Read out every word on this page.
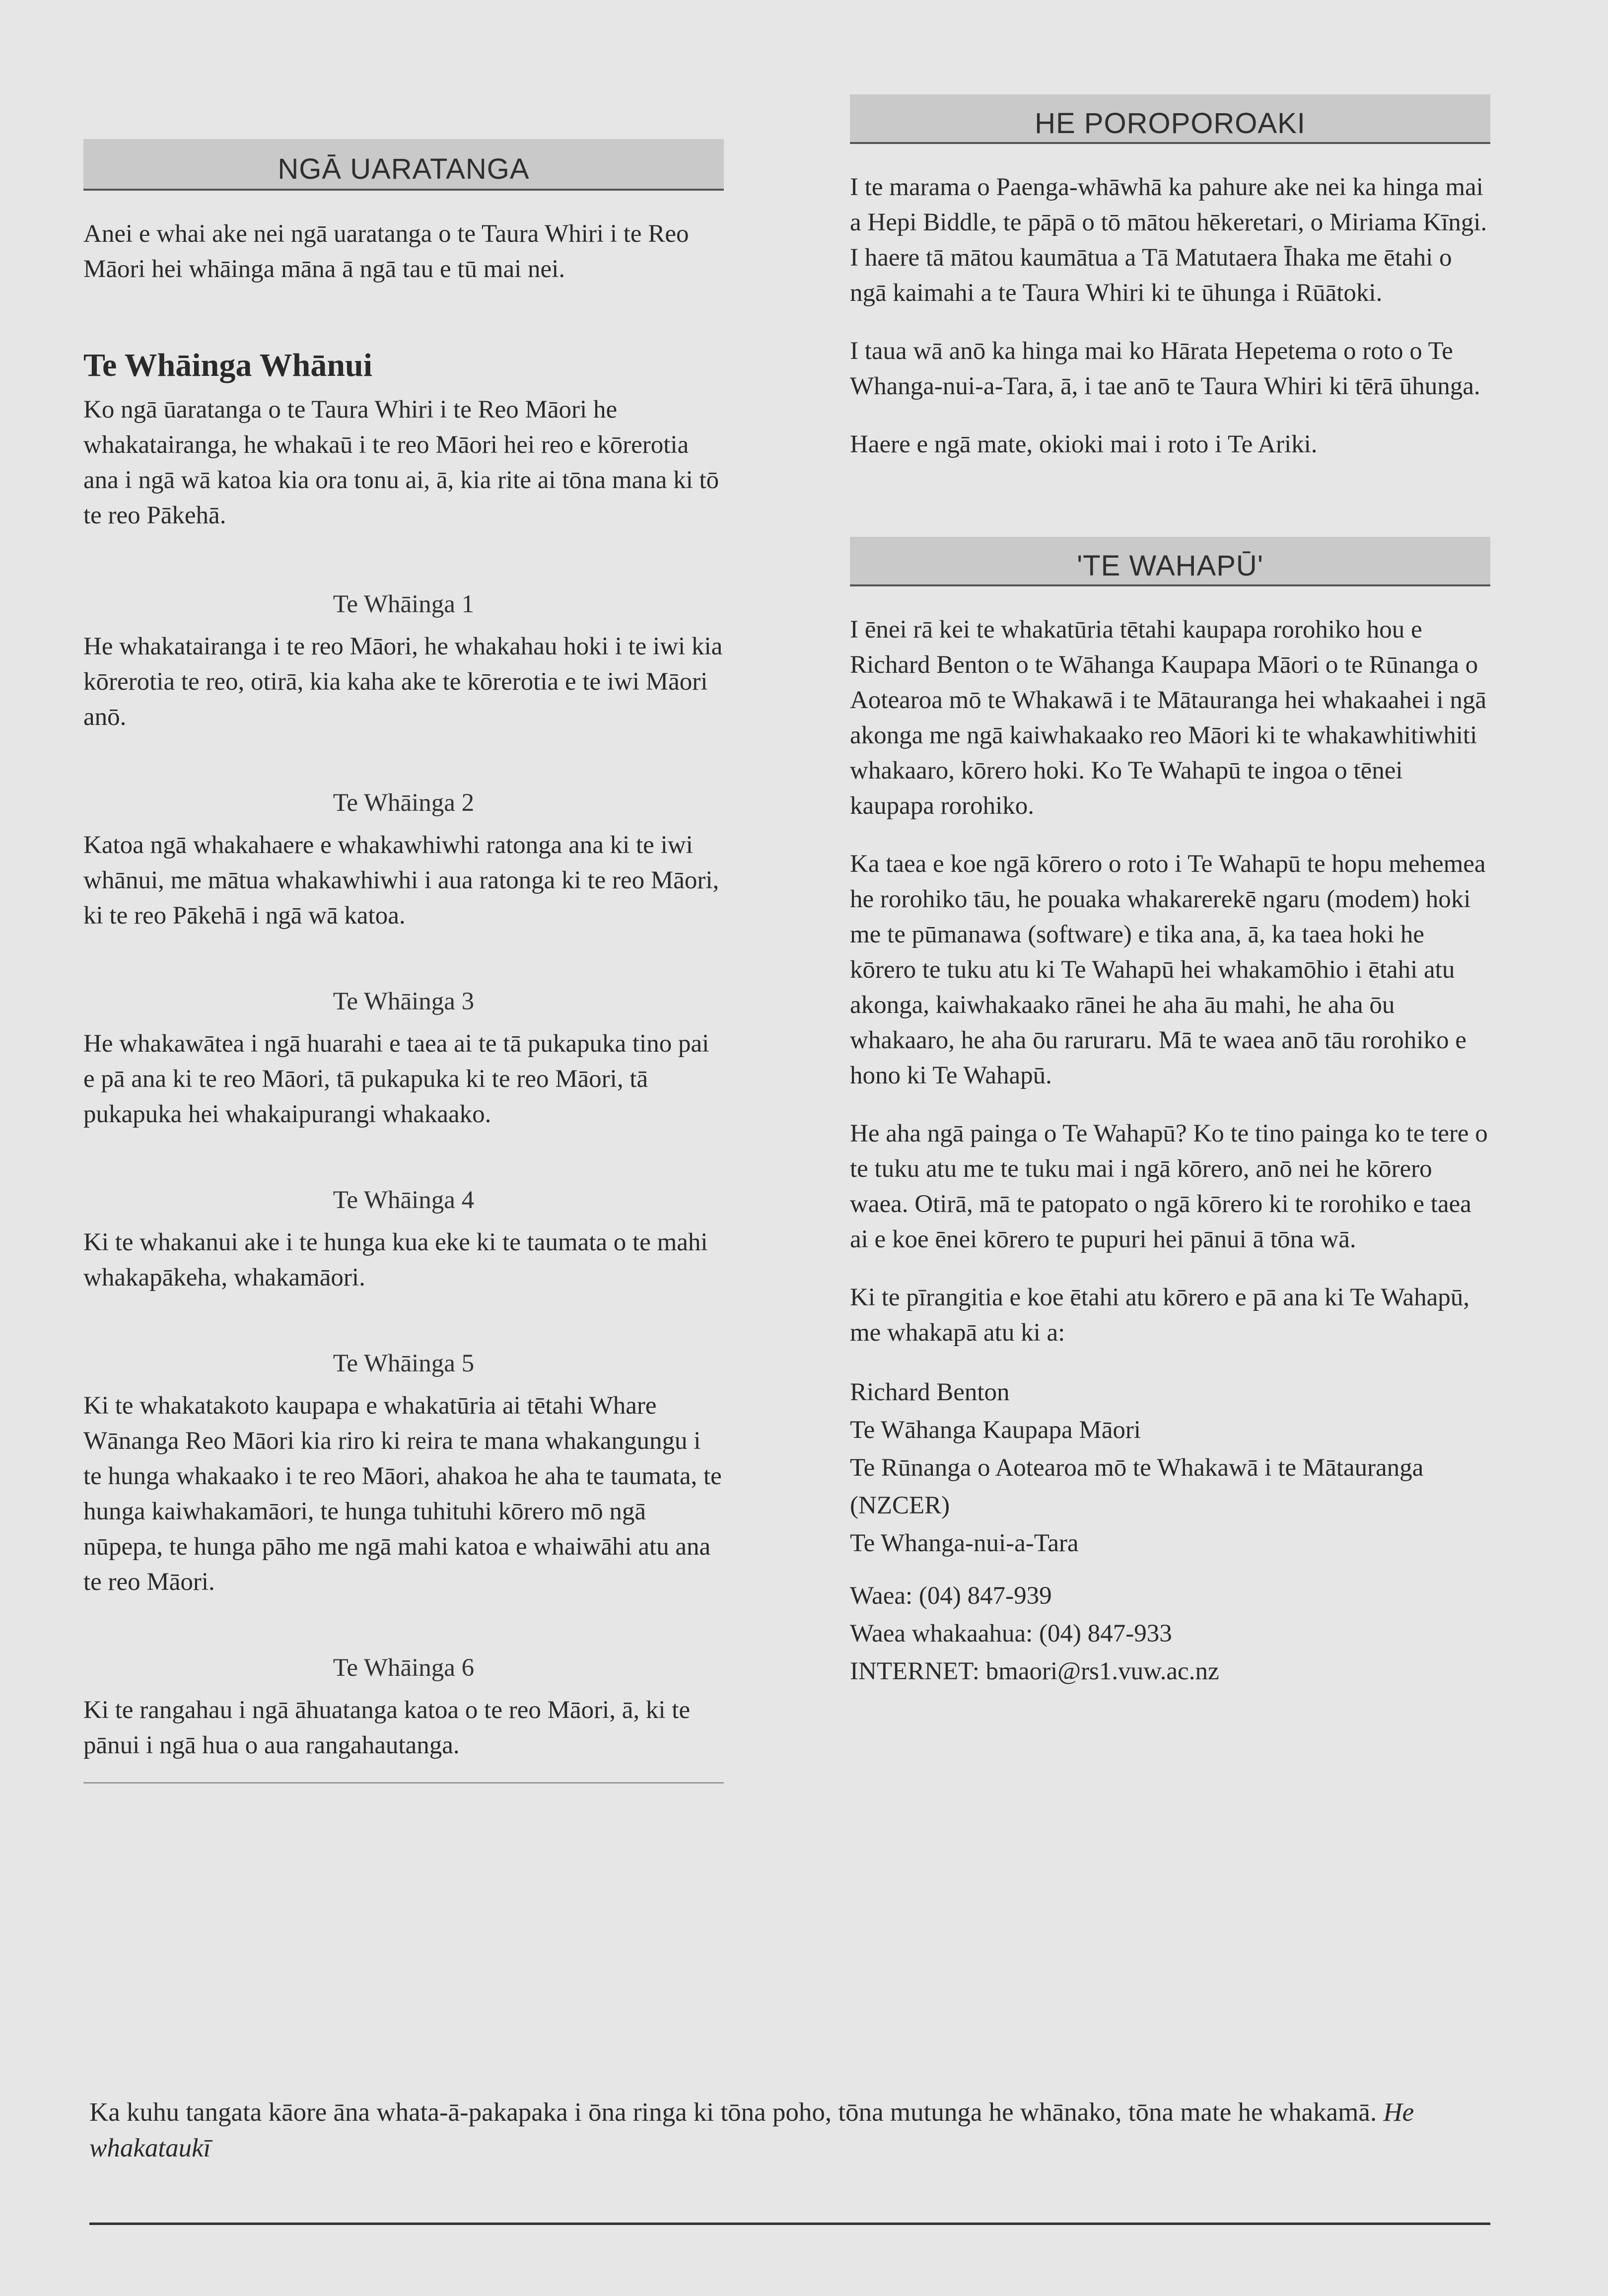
NGĀ UARATANGA

Anei e whai ake nei ngā uaratanga o te Taura Whiri i te Reo Māori hei whāinga māna ā ngā tau e tū mai nei.

Te Whāinga Whānui

Ko ngā ūaratanga o te Taura Whiri i te Reo Māori he whakatairanga, he whakaū i te reo Māori hei reo e kōrerotia ana i ngā wā katoa kia ora tonu ai, ā, kia rite ai tōna mana ki tō te reo Pākehā.

Te Whāinga 1

He whakatairanga i te reo Māori, he whakahau hoki i te iwi kia kōrerotia te reo, otirā, kia kaha ake te kōrerotia e te iwi Māori anō.

Te Whāinga 2

Katoa ngā whakahaere e whakawhiwhi ratonga ana ki te iwi whānui, me mātua whakawhiwhi i aua ratonga ki te reo Māori, ki te reo Pākehā i ngā wā katoa.

Te Whāinga 3

He whakawātea i ngā huarahi e taea ai te tā pukapuka tino pai e pā ana ki te reo Māori, tā pukapuka ki te reo Māori, tā pukapuka hei whakaipurangi whakaako.

Te Whāinga 4

Ki te whakanui ake i te hunga kua eke ki te taumata o te mahi whakapākeha, whakamāori.

Te Whāinga 5

Ki te whakatakoto kaupapa e whakatūria ai tētahi Whare Wānanga Reo Māori kia riro ki reira te mana whakangungu i te hunga whakaako i te reo Māori, ahakoa he aha te taumata, te hunga kaiwhakamāori, te hunga tuhituhi kōrero mō ngā nūpepa, te hunga pāho me ngā mahi katoa e whaiwāhi atu ana te reo Māori.

Te Whāinga 6

Ki te rangahau i ngā āhuatanga katoa o te reo Māori, ā, ki te pānui i ngā hua o aua rangahautanga.

HE POROPOROAKI

I te marama o Paenga-whāwhā ka pahure ake nei ka hinga mai a Hepi Biddle, te pāpā o tō mātou hēkeretari, o Miriama Kīngi. I haere tā mātou kaumātua a Tā Matutaera Īhaka me ētahi o ngā kaimahi a te Taura Whiri ki te ūhunga i Rūātoki.

I taua wā anō ka hinga mai ko Hārata Hepetema o roto o Te Whanga-nui-a-Tara, ā, i tae anō te Taura Whiri ki tērā ūhunga.

Haere e ngā mate, okioki mai i roto i Te Ariki.

'TE WAHAPŪ'

I ēnei rā kei te whakatūria tētahi kaupapa rorohiko hou e Richard Benton o te Wāhanga Kaupapa Māori o te Rūnanga o Aotearoa mō te Whakawā i te Mātauranga hei whakaahei i ngā akonga me ngā kaiwhakaako reo Māori ki te whakawhitiwhiti whakaaro, kōrero hoki. Ko Te Wahapū te ingoa o tēnei kaupapa rorohiko.

Ka taea e koe ngā kōrero o roto i Te Wahapū te hopu mehemea he rorohiko tāu, he pouaka whakarerekē ngaru (modem) hoki me te pūmanawa (software) e tika ana, ā, ka taea hoki he kōrero te tuku atu ki Te Wahapū hei whakamōhio i ētahi atu akonga, kaiwhakaako rānei he aha āu mahi, he aha ōu whakaaro, he aha ōu raruraru. Mā te waea anō tāu rorohiko e hono ki Te Wahapū.

He aha ngā painga o Te Wahapū? Ko te tino painga ko te tere o te tuku atu me te tuku mai i ngā kōrero, anō nei he kōrero waea. Otirā, mā te patopato o ngā kōrero ki te rorohiko e taea ai e koe ēnei kōrero te pupuri hei pānui ā tōna wā.

Ki te pīrangitia e koe ētahi atu kōrero e pā ana ki Te Wahapū, me whakapā atu ki a:

Richard Benton

Te Wāhanga Kaupapa Māori

Te Rūnanga o Aotearoa mō te Whakawā i te Mātauranga (NZCER)

Te Whanga-nui-a-Tara

Waea: (04) 847-939

Waea whakaahua: (04) 847-933

INTERNET: bmaori@rs1.vuw.ac.nz

Ka kuhu tangata kāore āna whata-ā-pakapaka i ōna ringa ki tōna poho, tōna mutunga he whānako, tōna mate he whakamā. He whakataukī
